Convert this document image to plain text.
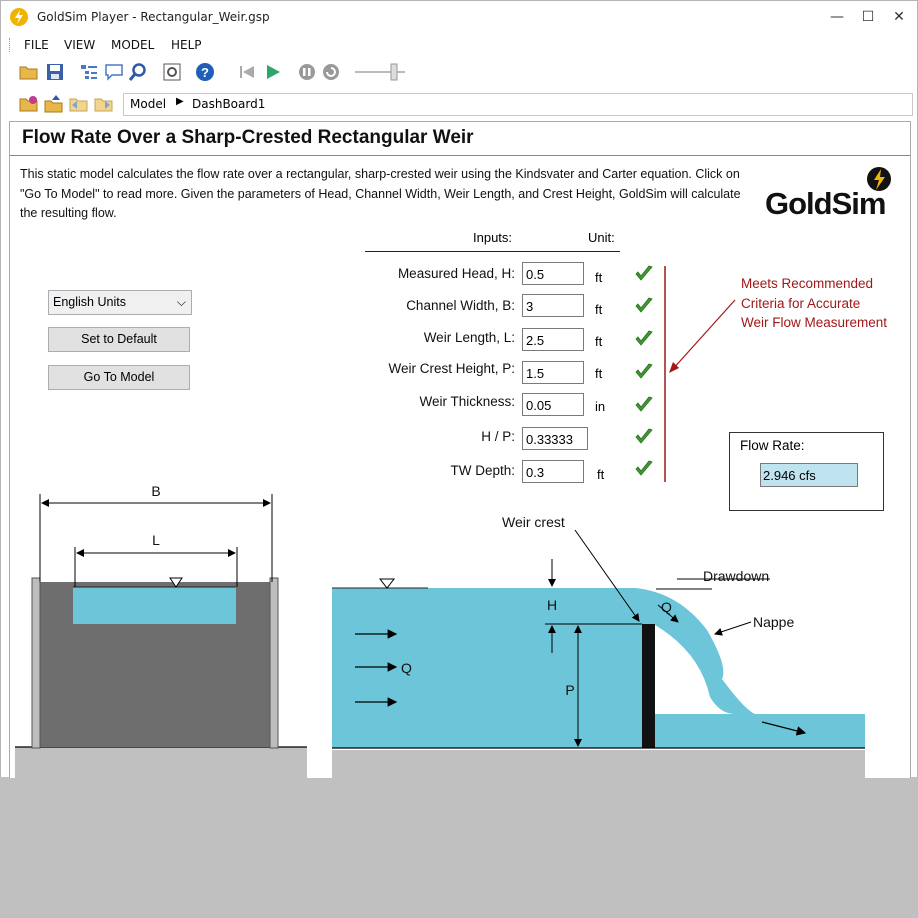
GoldSim Player - Rectangular_Weir.gsp	—	☐	✕
FILE VIEW MODEL HELP
?
Model ▶ DashBoard1
Flow Rate Over a Sharp-Crested Rectangular Weir
This static model calculates the flow rate over a rectangular, sharp-crested weir using the Kindsvater and Carter equation. Click on "Go To Model" to read more. Given the parameters of Head, Channel Width, Weir Length, and Crest Height, GoldSim will calculate the resulting flow.	GoldSim
English Units	⌵
Set to Default
Go To Model
Inputs:	Unit:
Measured Head, H: 0.5	ft
Channel Width, B: 3	ft
Weir Length, L: 2.5	ft
Weir Crest Height, P: 1.5	ft
Weir Thickness: 0.05	in
H / P: 0.33333
TW Depth: 0.3	ft
Meets Recommended Criteria for Accurate Weir Flow Measurement
Flow Rate:
2.946 cfs
B
L
H
P
Weir crest
Drawdown
Q
Q
Nappe
